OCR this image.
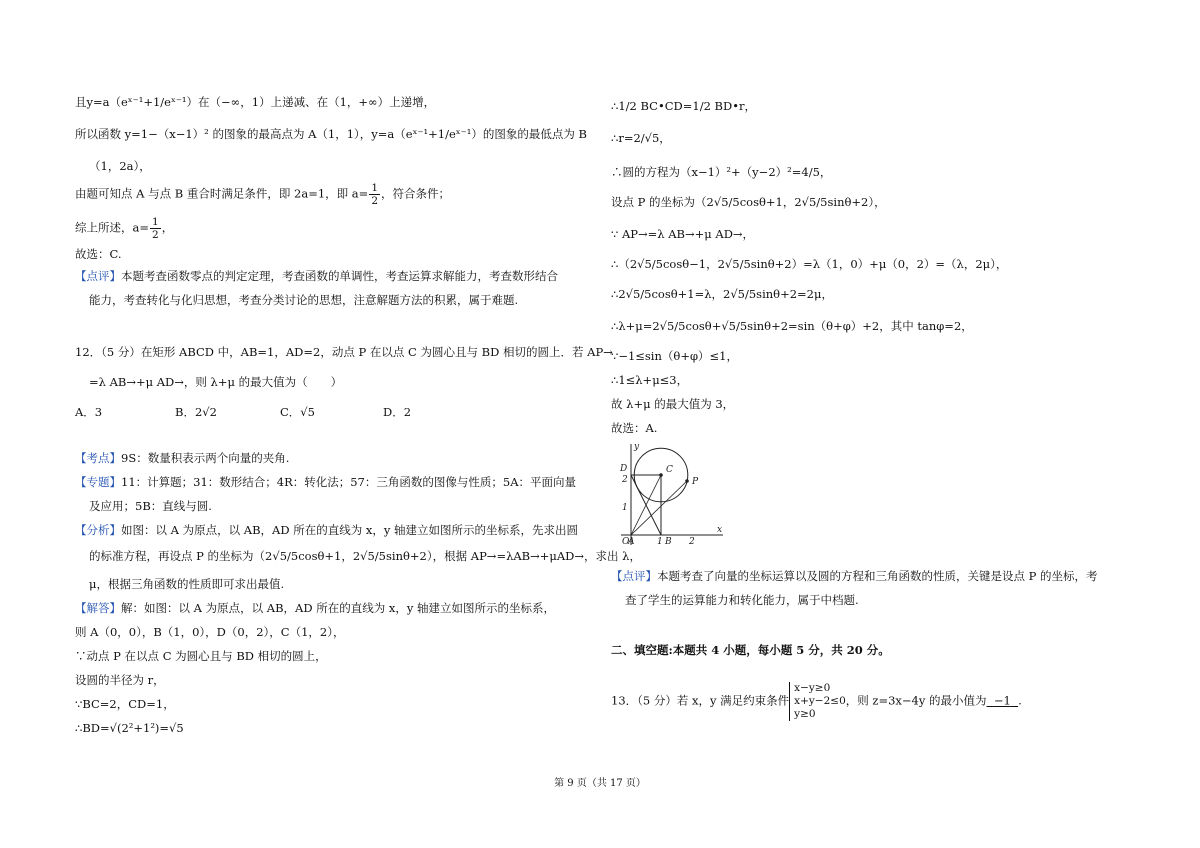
且y=a（eˣ⁻¹+1/eˣ⁻¹）在（−∞，1）上递减、在（1，+∞）上递增，
所以函数 y=1−（x−1）² 的图象的最高点为 A（1，1），y=a（eˣ⁻¹+1/eˣ⁻¹）的图象的最低点为 B
（1，2a），
由题可知点 A 与点 B 重合时满足条件，即 2a=1，即 $a= \frac{1}{2}$ ，符合条件；
综上所述，$a= \frac{1}{2}$ ，
故选：C.
【点评】本题考查函数零点的判定定理，考查函数的单调性，考查运算求解能力，考查数形结合
能力，考查转化与化归思想，考查分类讨论的思想，注意解题方法的积累，属于难题.
12．（5 分）在矩形 ABCD 中，AB=1，AD=2，动点 P 在以点 C 为圆心且与 BD 相切的圆上．若 AP→
=λ AB→+μ AD→，则 λ+μ 的最大值为（　　）
A．3	B．2√2	C．√5	D．2
【考点】9S：数量积表示两个向量的夹角.
【专题】11：计算题；31：数形结合；4R：转化法；57：三角函数的图像与性质；5A：平面向量
及应用；5B：直线与圆.
【分析】如图：以 A 为原点，以 AB，AD 所在的直线为 x，y 轴建立如图所示的坐标系，先求出圆
的标准方程，再设点 P 的坐标为（2√5/5cosθ+1，2√5/5sinθ+2），根据 AP→=λAB→+μAD→，求出 λ，
μ，根据三角函数的性质即可求出最值.
【解答】解：如图：以 A 为原点，以 AB，AD 所在的直线为 x，y 轴建立如图所示的坐标系，
则 A（0，0），B（1，0），D（0，2），C（1，2），
∵动点 P 在以点 C 为圆心且与 BD 相切的圆上，
设圆的半径为 r，
∵BC=2，CD=1，
∴BD=√(2²+1²)=√5
∴1/2 BC•CD=1/2 BD•r，
∴r=2/√5，
∴圆的方程为（x−1）²+（y−2）²=4/5，
设点 P 的坐标为（2√5/5cosθ+1，2√5/5sinθ+2），
∵ AP→=λ AB→+μ AD→，
∴（2√5/5cosθ−1，2√5/5sinθ+2）=λ（1，0）+μ（0，2）=（λ，2μ），
∴2√5/5cosθ+1=λ，2√5/5sinθ+2=2μ，
∴λ+μ=2√5/5cosθ+√5/5sinθ+2=sin（θ+φ）+2，其中 tanφ=2，
∵−1≤sin（θ+φ）≤1，
∴1≤λ+μ≤3，
故 λ+μ 的最大值为 3，
故选：A.
D	C
P
2
1
O
A	1 B 2
x
y
【点评】本题考查了向量的坐标运算以及圆的方程和三角函数的性质，关键是设点 P 的坐标，考
查了学生的运算能力和转化能力，属于中档题.
二、填空题:本题共 4 小题，每小题 5 分，共 20 分。
13．（5 分）若 x，y 满足约束条件
x−y≥0
x+y−2≤0
y≥0
，则 z=3x−4y 的最小值为 −1 .
第 9 页（共 17 页）
